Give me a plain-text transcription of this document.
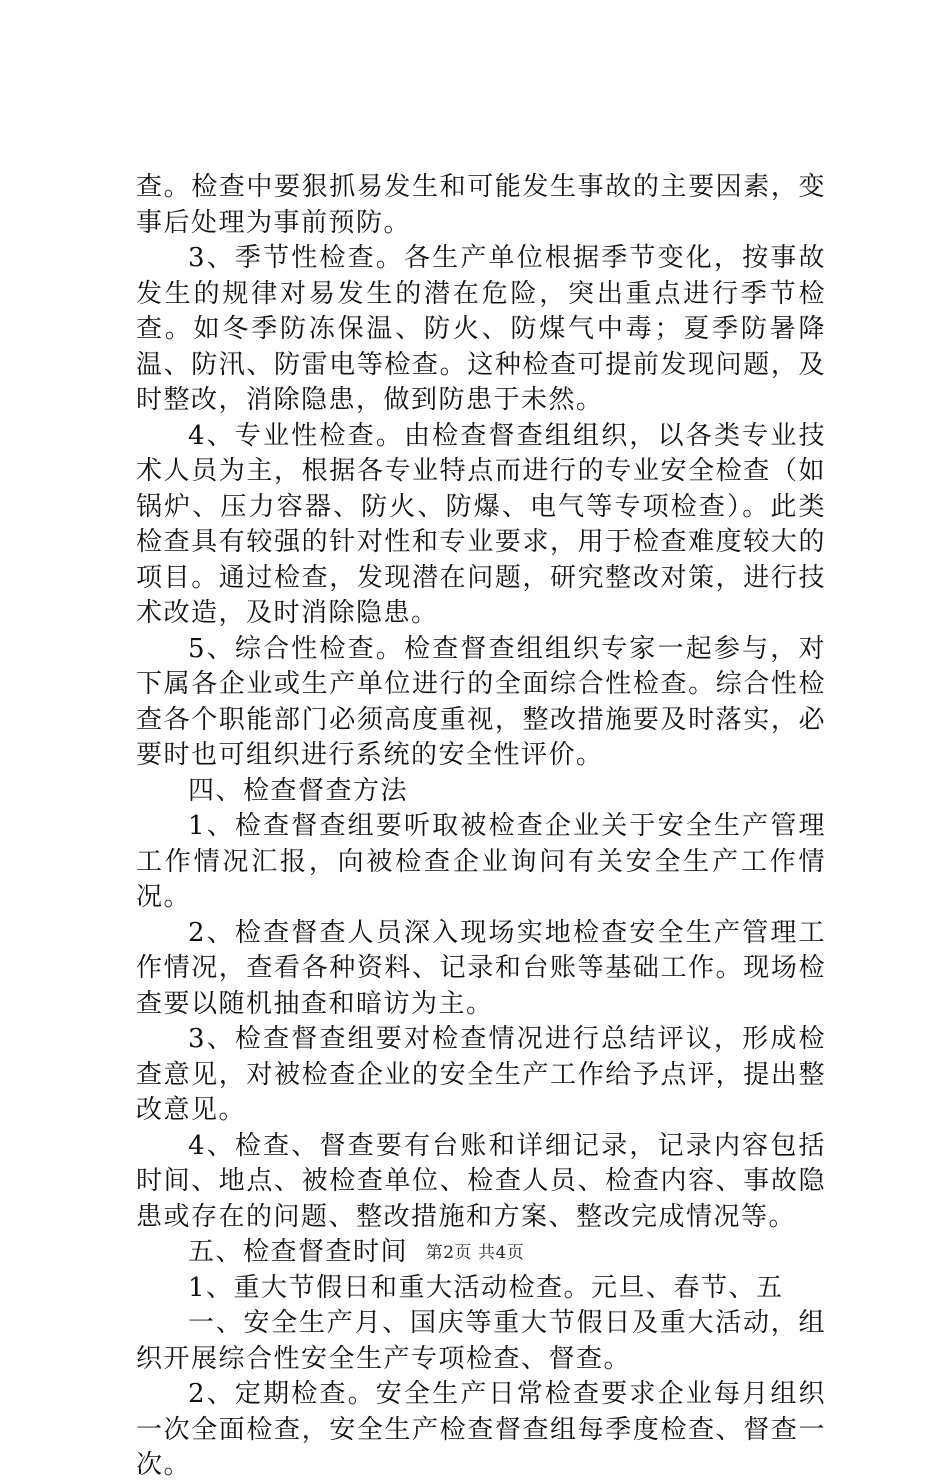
查。检查中要狠抓易发生和可能发生事故的主要因素，变事后处理为事前预防。

3、季节性检查。各生产单位根据季节变化，按事故发生的规律对易发生的潜在危险，突出重点进行季节检查。如冬季防冻保温、防火、防煤气中毒；夏季防暑降温、防汛、防雷电等检查。这种检查可提前发现问题，及时整改，消除隐患，做到防患于未然。

4、专业性检查。由检查督查组组织，以各类专业技术人员为主，根据各专业特点而进行的专业安全检查（如锅炉、压力容器、防火、防爆、电气等专项检查）。此类检查具有较强的针对性和专业要求，用于检查难度较大的项目。通过检查，发现潜在问题，研究整改对策，进行技术改造，及时消除隐患。

5、综合性检查。检查督查组组织专家一起参与，对下属各企业或生产单位进行的全面综合性检查。综合性检查各个职能部门必须高度重视，整改措施要及时落实，必要时也可组织进行系统的安全性评价。

四、检查督查方法

1、检查督查组要听取被检查企业关于安全生产管理工作情况汇报，向被检查企业询问有关安全生产工作情况。

2、检查督查人员深入现场实地检查安全生产管理工作情况，查看各种资料、记录和台账等基础工作。现场检查要以随机抽查和暗访为主。

3、检查督查组要对检查情况进行总结评议，形成检查意见，对被检查企业的安全生产工作给予点评，提出整改意见。

4、检查、督查要有台账和详细记录，记录内容包括时间、地点、被检查单位、检查人员、检查内容、事故隐患或存在的问题、整改措施和方案、整改完成情况等。

五、检查督查时间

1、重大节假日和重大活动检查。元旦、春节、五

一、安全生产月、国庆等重大节假日及重大活动，组织开展综合性安全生产专项检查、督查。

2、定期检查。安全生产日常检查要求企业每月组织一次全面检查，安全生产检查督查组每季度检查、督查一次。

第2页 共4页
